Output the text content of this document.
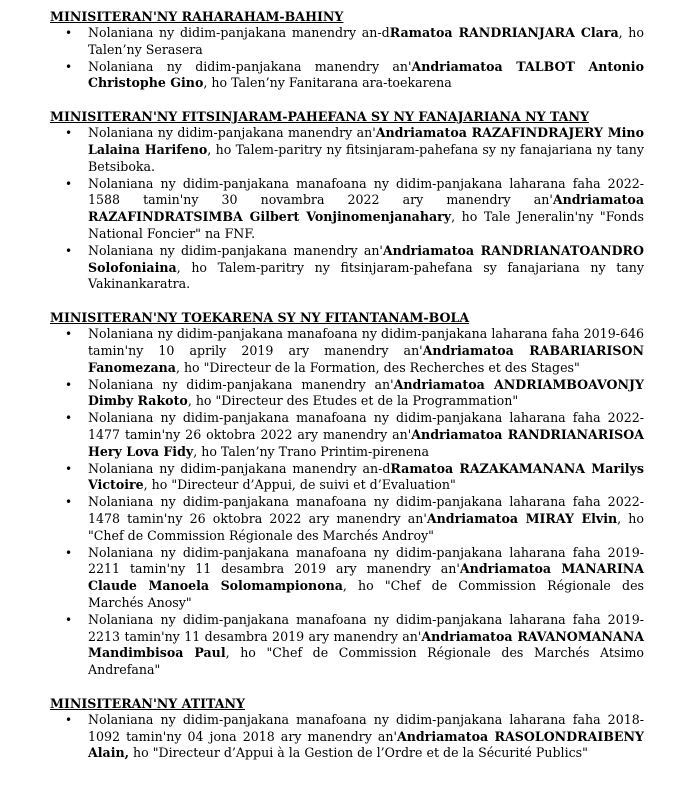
MINISITERAN'NY RAHARAHAM-BAHINY

• Nolaniana ny didim-panjakana manendry an-dRamatoa RANDRIANJARA Clara, ho Talen’ny Serasera
• Nolaniana ny didim-panjakana manendry an'Andriamatoa TALBOT Antonio Christophe Gino, ho Talen’ny Fanitarana ara-toekarena

MINISITERAN'NY FITSINJARAM-PAHEFANA SY NY FANAJARIANA NY TANY

• Nolaniana ny didim-panjakana manendry an'Andriamatoa RAZAFINDRAJERY Mino Lalaina Harifeno, ho Talem-paritry ny fitsinjaram-pahefana sy ny fanajariana ny tany Betsiboka.
• Nolaniana ny didim-panjakana manafoana ny didim-panjakana laharana faha 2022-1588 tamin'ny 30 novambra 2022 ary manendry an'Andriamatoa RAZAFINDRATSIMBA Gilbert Vonjinomenjanahary, ho Tale Jeneralin'ny "Fonds National Foncier" na FNF.
• Nolaniana ny didim-panjakana manendry an'Andriamatoa RANDRIANATOANDRO Solofoniaina, ho Talem-paritry ny fitsinjaram-pahefana sy fanajariana ny tany Vakinankaratra.

MINISITERAN'NY TOEKARENA SY NY FITANTANAM-BOLA

• Nolaniana ny didim-panjakana manafoana ny didim-panjakana laharana faha 2019-646 tamin'ny 10 aprily 2019 ary manendry an'Andriamatoa RABARIARISON Fanomezana, ho "Directeur de la Formation, des Recherches et des Stages"
• Nolaniana ny didim-panjakana manendry an'Andriamatoa ANDRIAMBOAVONJY Dimby Rakoto, ho "Directeur des Etudes et de la Programmation"
• Nolaniana ny didim-panjakana manafoana ny didim-panjakana laharana faha 2022-1477 tamin'ny 26 oktobra 2022 ary manendry an'Andriamatoa RANDRIANARISOA Hery Lova Fidy, ho Talen’ny Trano Printim-pirenena
• Nolaniana ny didim-panjakana manendry an-dRamatoa RAZAKAMANANA Marilys Victoire, ho "Directeur d’Appui, de suivi et d’Evaluation"
• Nolaniana ny didim-panjakana manafoana ny didim-panjakana laharana faha 2022-1478 tamin'ny 26 oktobra 2022 ary manendry an'Andriamatoa MIRAY Elvin, ho "Chef de Commission Régionale des Marchés Androy"
• Nolaniana ny didim-panjakana manafoana ny didim-panjakana laharana faha 2019-2211 tamin'ny 11 desambra 2019 ary manendry an'Andriamatoa MANARINA Claude Manoela Solomampionona, ho "Chef de Commission Régionale des Marchés Anosy"
• Nolaniana ny didim-panjakana manafoana ny didim-panjakana laharana faha 2019-2213 tamin'ny 11 desambra 2019 ary manendry an'Andriamatoa RAVANOMANANA Mandimbisoa Paul, ho "Chef de Commission Régionale des Marchés Atsimo Andrefana"

MINISITERAN'NY ATITANY

• Nolaniana ny didim-panjakana manafoana ny didim-panjakana laharana faha 2018-1092 tamin'ny 04 jona 2018 ary manendry an'Andriamatoa RASOLONDRAIBENY Alain, ho "Directeur d’Appui à la Gestion de l’Ordre et de la Sécurité Publics"
